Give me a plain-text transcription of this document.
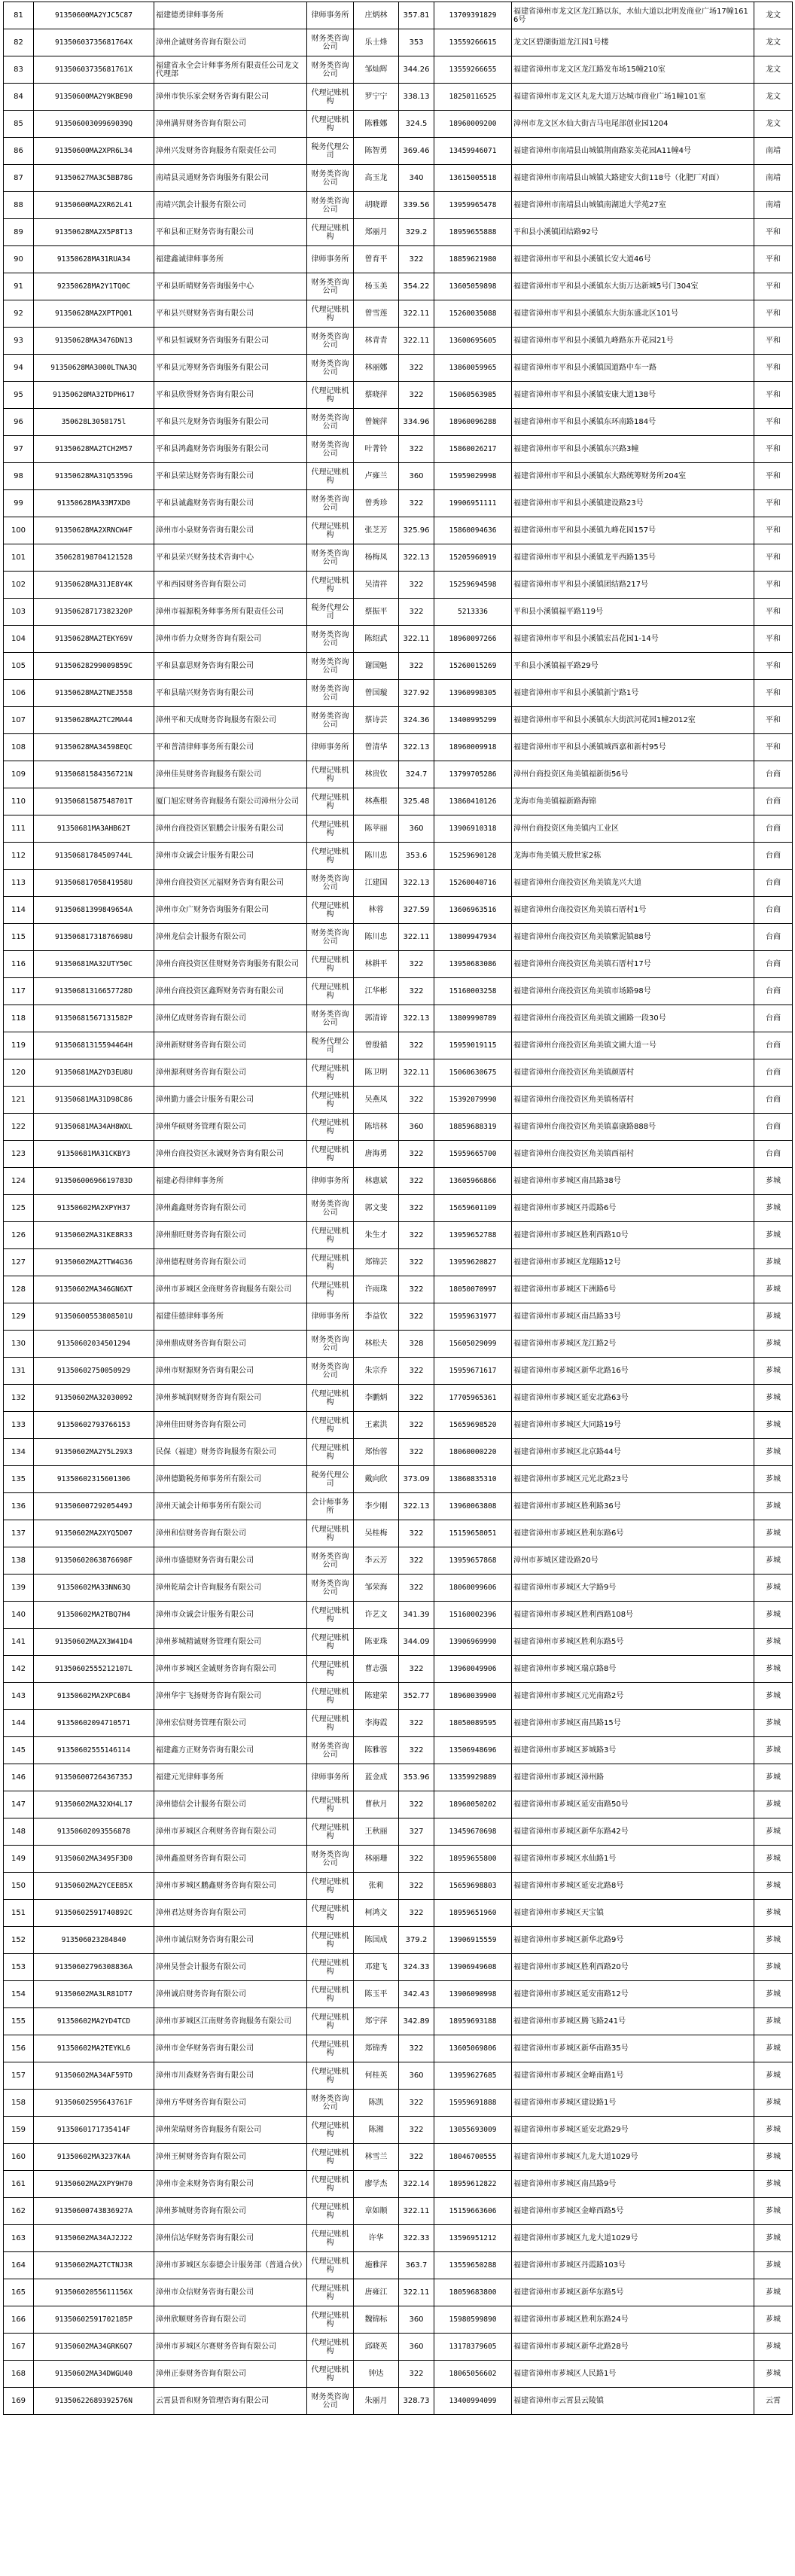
81	91350600MA2YJC5C87	福建德勇律师事务所	律师事务所	庄炳林	357.81	13709391829	福建省漳州市龙文区龙江路以东，水仙大道以北明发商业广场17幢1616号	龙文
82	91350603735681764X	漳州企诚财务咨询有限公司	财务类咨询公司	乐士烽	353	13559266615	龙文区碧湖街道龙江园1号楼	龙文
83	91350603735681761X	福建省永全会计师事务所有限责任公司龙文代理部	财务类咨询公司	邹灿辉	344.26	13559266655	福建省漳州市龙文区龙江路发布场15幢210室	龙文
84	91350600MA2Y9KBE90	漳州市快乐家会财务咨询有限公司	代理记账机构	罗宁宁	338.13	18250116525	福建省漳州市龙文区丸龙大道万达城市商业广场1幢101室	龙文
85	91350600309969039Q	漳州满昇财务咨询有限公司	代理记账机构	陈雅娜	324.5	18960009200	漳州市龙文区水仙大街吉马电尾部创业园1204	龙文
86	91350600MA2XPR6L34	漳州兴发财务咨询服务有限责任公司	税务代理公司	陈智勇	369.46	13459946071	福建省漳州市南靖县山城镇荆南路家美花园A11幢4号	南靖
87	91350627MA3C5BB78G	南靖县灵通财务咨询服务有限公司	财务类咨询公司	高玉龙	340	13615005518	福建省漳州市南靖县山城镇大路建安大街118号（化肥厂对面）	南靖
88	91350600MA2XR62L41	南靖兴凯会计服务有限公司	财务类咨询公司	胡晓谭	339.56	13959965478	福建省漳州市南靖县山城镇南湖道大学苑27室	南靖
89	91350628MA2X5P8T13	平和县和正财务咨询有限公司	代理记账机构	郑丽月	329.2	18959655888	平和县小溪镇团结路92号	平和
90	91350628MA31RUA34	福建鑫诚律师事务所	律师事务所	曾育平	322	18859621980	福建省漳州市平和县小溪镇长安大道46号	平和
91	92350628MA2Y1TQ0C	平和县昕晴财务咨询服务中心	财务类咨询公司	杨玉美	354.22	13605059898	福建省漳州市平和县小溪镇东大街万达新城5号门304室	平和
92	91350628MA2XPTPQ01	平和县兴财财务咨询有限公司	代理记账机构	曾雪莲	322.11	15260035088	福建省漳州市平和县小溪镇东大街东盛北区101号	平和
93	91350628MA3476DN13	平和县恒诚财务咨询服务有限公司	财务类咨询公司	林青青	322.11	13600695605	福建省漳州市平和县小溪镇九峰路东升花园21号	平和
94	91350628MA3000LTNA3Q	平和县元筹财务咨询服务有限公司	财务类咨询公司	林丽娜	322	13860059965	福建省漳州市平和县小溪镇国道路中车一路	平和
95	91350628MA32TDPH617	平和县欣誉财务咨询有限公司	代理记账机构	蔡晓萍	322	15060563985	福建省漳州市平和县小溪镇安康大道138号	平和
96	350628L3058175l	平和县兴龙财务咨询服务有限公司	财务类咨询公司	曾婉萍	334.96	18960096288	福建省漳州市平和县小溪镇东环南路184号	平和
97	91350628MA2TCH2M57	平和县鸿鑫财务咨询服务有限公司	财务类咨询公司	叶菁铃	322	15860026217	福建省漳州市平和县小溪镇东兴路3幢	平和
98	91350628MA31Q5359G	平和县荣达财务咨询有限公司	代理记账机构	卢雍兰	360	15959029998	福建省漳州市平和县小溪镇东大路统筹财务所204室	平和
99	91350628MA33M7XD0	平和县诚鑫财务咨询有限公司	财务类咨询公司	曾秀珍	322	19906951111	福建省漳州市平和县小溪镇建设路23号	平和
100	91350628MA2XRNCW4F	漳州市小泉财务咨询有限公司	代理记账机构	张芝芳	325.96	15860094636	福建省漳州市平和县小溪镇九峰花园157号	平和
101	350628198704121528	平和县荣兴财务技术咨询中心	财务类咨询公司	杨梅凤	322.13	15205960919	福建省漳州市平和县小溪镇龙平西路135号	平和
102	91350628MA31JE8Y4K	平和西园财务咨询有限公司	代理记账机构	吴清祥	322	15259694598	福建省漳州市平和县小溪镇团结路217号	平和
103	91350628717382320P	漳州市福源税务师事务所有限责任公司	税务代理公司	蔡振平	322	5213336	平和县小溪镇福平路119号	平和
104	91350628MA2TEKY69V	漳州市侨力众财务咨询有限公司	财务类咨询公司	陈绍武	322.11	18960097266	福建省漳州市平和县小溪镇宏昌花园1-14号	平和
105	91350628299009859C	平和县嘉思财务咨询有限公司	财务类咨询公司	谢国魁	322	15260015269	平和县小溪镇福平路29号	平和
106	91350628MA2TNEJ558	平和县瑞兴财务咨询有限公司	财务类咨询公司	曾国璇	327.92	13960998305	福建省漳州市平和县小溪镇新宁路1号	平和
107	91350628MA2TC2MA44	漳州平和天成财务咨询服务有限公司	财务类咨询公司	蔡诗芸	324.36	13400995299	福建省漳州市平和县小溪镇东大街滨河花园1幢2012室	平和
108	91350628MA34598EQC	平和普清律师事务所有限公司	律师事务所	曾清华	322.13	18960009918	福建省漳州市平和县小溪镇城西嘉和新村95号	平和
109	91350681584356721N	漳州佳昊财务咨询服务有限公司	代理记账机构	林贵钦	324.7	13799705286	漳州台商投资区角美镇福新街56号	台商
110	91350681587548701T	厦门旭宏财务咨询服务有限公司漳州分公司	代理记账机构	林燕根	325.48	13860410126	龙海市角美镇福新路海锦	台商
111	91350681MA3AHB62T	漳州台商投资区银鹏会计服务有限公司	代理记账机构	陈苹丽	360	13906910318	漳州台商投资区角美镇内工业区	台商
112	91350681784509744L	漳州市众诚会计服务有限公司	代理记账机构	陈川忠	353.6	15259690128	龙海市角美镇天殷世家2栋	台商
113	91350681705841958U	漳州台商投资区元福财务咨询有限公司	财务类咨询公司	江建国	322.13	15260040716	福建省漳州台商投资区角美镇龙兴大道	台商
114	91350681399849654A	漳州市众广财务咨询服务有限公司	代理记账机构	林蓉	327.59	13606963516	福建省漳州台商投资区角美镇石厝村1号	台商
115	91350681731876698U	漳州龙信会计服务有限公司	财务类咨询公司	陈川忠	322.11	13809947934	福建省漳州台商投资区角美镇紫泥镇88号	台商
116	91350681MA32UTY50C	漳州台商投资区佳财财务咨询服务有限公司	代理记账机构	林耕平	322	13950683086	福建省漳州台商投资区角美镇石厝村17号	台商
117	91350681316657728D	漳州台商投资区鑫辉财务咨询有限公司	代理记账机构	江华彬	322	15160003258	福建省漳州台商投资区角美镇市场路98号	台商
118	91350681567131582P	漳州亿成财务咨询有限公司	财务类咨询公司	郭清谛	322.13	13809990789	福建省漳州台商投资区角美镇文圃路一段30号	台商
119	91350681315594464H	漳州新财财务咨询有限公司	税务代理公司	曾殷循	322	15959019115	福建省漳州台商投资区角美镇文圃大道一号	台商
120	91350681MA2YD3EU8U	漳州源利财务咨询有限公司	代理记账机构	陈卫明	322.11	15060630675	福建省漳州台商投资区角美镇颜厝村	台商
121	91350681MA31D98C86	漳州勤力盛会计服务有限公司	代理记账机构	吴燕凤	322	15392079990	福建省漳州台商投资区角美镇杨厝村	台商
122	91350681MA34AH8WXL	漳州华硕财务管理有限公司	代理记账机构	陈培林	360	18859688319	福建省漳州台商投资区角美镇嘉康路888号	台商
123	91350681MA31CKBY3	漳州台商投资区永诚财务咨询有限公司	代理记账机构	唐海勇	322	15959665700	福建省漳州台商投资区角美镇西福村	台商
124	91350600696619783D	福建必得律师事务所	律师事务所	林惠斌	322	13605966866	福建省漳州市芗城区南昌路38号	芗城
125	91350602MA2XPYH37	漳州鑫鑫财务咨询有限公司	财务类咨询公司	郭文斐	322	15659601109	福建省漳州市芗城区丹霞路6号	芗城
126	91350602MA31KE8R33	漳州鼎旺财务咨询有限公司	代理记账机构	朱生才	322	13959652788	福建省漳州市芗城区胜利西路10号	芗城
127	91350602MA2TTW4G36	漳州德程财务咨询有限公司	代理记账机构	郑锦芸	322	13959620827	福建省漳州市芗城区龙翔路12号	芗城
128	91350602MA346GN6XT	漳州市芗城区金商财务咨询服务有限公司	代理记账机构	许雨珠	322	18050070997	福建省漳州市芗城区下洲路6号	芗城
129	91350600553808501U	福建佳德律师事务所	律师事务所	李益钦	322	15959631977	福建省漳州市芗城区南昌路33号	芗城
130	91350602034501294	漳州鼎成财务咨询有限公司	财务类咨询公司	林松夫	328	15605029099	福建省漳州市芗城区龙江路2号	芗城
131	91350602750050929	漳州市财源财务咨询有限公司	财务类咨询公司	朱宗乔	322	15959671617	福建省漳州市芗城区新华北路16号	芗城
132	91350602MA32030092	漳州芗城润财财务咨询有限公司	代理记账机构	李鹏炳	322	17705965361	福建省漳州市芗城区延安北路63号	芗城
133	91350602793766153	漳州佳田财务咨询有限公司	代理记账机构	王素洪	322	15659698520	福建省漳州市芗城区大同路19号	芗城
134	91350602MA2Y5L29X3	民保（福建）财务咨询服务有限公司	代理记账机构	郑怡蓉	322	18060000220	福建省漳州市芗城区北京路44号	芗城
135	91350602315601306	漳州德勤税务师事务所有限公司	税务代理公司	戴向欣	373.09	13860835310	福建省漳州市芗城区元光北路23号	芗城
136	91350600729205449J	漳州天诚会计师事务所有限公司	会计师事务所	李少刚	322.13	13960063808	福建省漳州市芗城区胜利路36号	芗城
137	91350602MA2XYQ5D07	漳州和信财务咨询有限公司	代理记账机构	吴桂梅	322	15159658051	福建省漳州市芗城区胜利东路6号	芗城
138	91350602063876698F	漳州市盛德财务咨询有限公司	财务类咨询公司	李云芳	322	13959657868	漳州市芗城区建设路20号	芗城
139	91350602MA33NN63Q	漳州乾瑞会计咨询服务有限公司	财务类咨询公司	邹荣海	322	18060099606	福建省漳州市芗城区大学路9号	芗城
140	91350602MA2TBQ7H4	漳州市众诚会计服务有限公司	代理记账机构	许艺文	341.39	15160002396	福建省漳州市芗城区胜利西路108号	芗城
141	91350602MA2X3W41D4	漳州芗城精诚财务管理有限公司	代理记账机构	陈亚珠	344.09	13906969990	福建省漳州市芗城区胜利东路5号	芗城
142	91350602555212107L	漳州市芗城区金诚财务咨询有限公司	代理记账机构	曹志强	322	13960049906	福建省漳州市芗城区瑞京路8号	芗城
143	91350602MA2XPC6B4	漳州华宇飞扬财务咨询有限公司	代理记账机构	陈建荣	352.77	18960039900	福建省漳州市芗城区元光南路2号	芗城
144	91350602094710571	漳州宏信财务管理有限公司	代理记账机构	李海霞	322	18050089595	福建省漳州市芗城区南昌路15号	芗城
145	91350602555146114	福建鑫方正财务咨询有限公司	财务类咨询公司	陈雅蓉	322	13506948696	福建省漳州市芗城区芗城路3号	芗城
146	91350600726436735J	福建元光律师事务所	律师事务所	蓝金成	353.96	13359929889	福建省漳州市芗城区漳州路	芗城
147	91350602MA32XH4L17	漳州德信会计服务有限公司	代理记账机构	曹秋月	322	18960050202	福建省漳州市芗城区延安南路50号	芗城
148	91350602093556878	漳州市芗城区合利财务咨询有限公司	代理记账机构	王秋丽	327	13459670698	福建省漳州市芗城区新华东路42号	芗城
149	91350602MA3495F3D0	漳州鑫盈财务咨询有限公司	财务类咨询公司	林丽珊	322	18959655800	福建省漳州市芗城区水仙路1号	芗城
150	91350602MA2YCEE85X	漳州市芗城区鹏鑫财务咨询有限公司	代理记账机构	张莉	322	15659698803	福建省漳州市芗城区延安北路8号	芗城
151	91350602591740892C	漳州君达财务咨询有限公司	代理记账机构	柯鸿文	322	18959651960	福建省漳州市芗城区天宝镇	芗城
152	913506023284840	漳州市诚信财务咨询有限公司	代理记账机构	陈国成	379.2	13906915559	福建省漳州市芗城区新华北路9号	芗城
153	91350602796308836A	漳州昊誉会计服务有限公司	代理记账机构	邓建飞	324.33	13906949608	福建省漳州市芗城区胜利西路20号	芗城
154	91350602MA3LR81DT7	漳州诚启财务咨询有限公司	代理记账机构	陈玉平	342.43	13906090998	福建省漳州市芗城区延安南路12号	芗城
155	91350602MA2YD4TCD	漳州市芗城区江南财务咨询服务有限公司	代理记账机构	郑宇萍	342.89	18959693188	福建省漳州市芗城区腾飞路241号	芗城
156	91350602MA2TEYKL6	漳州市金华财务咨询有限公司	代理记账机构	郑锦秀	322	13605069806	福建省漳州市芗城区新华南路35号	芗城
157	91350602MA34AF59TD	漳州市川森财务咨询有限公司	代理记账机构	何桂英	360	13959627685	福建省漳州市芗城区金峰南路1号	芗城
158	91350602595643761F	漳州方华财务咨询有限公司	财务类咨询公司	陈凯	322	15959691888	福建省漳州市芗城区建设路1号	芗城
159	9135060171735414F	漳州荣瑞财务咨询服务有限公司	代理记账机构	陈湘	322	13055693009	福建省漳州市芗城区延安北路29号	芗城
160	91350602MA3237K4A	漳州王树财务咨询有限公司	代理记账机构	林雪兰	322	18046700555	福建省漳州市芗城区九龙大道1029号	芗城
161	91350602MA2XPY9H70	漳州市金来财务咨询有限公司	代理记账机构	廖学杰	322.14	18959612822	福建省漳州市芗城区南昌路9号	芗城
162	91350600743836927A	漳州芗城财务咨询有限公司	代理记账机构	章如顺	322.11	15159663606	福建省漳州市芗城区金峰西路5号	芗城
163	91350602MA34AJ2J22	漳州信达华财务咨询有限公司	代理记账机构	许华	322.33	13596951212	福建省漳州市芗城区九龙大道1029号	芗城
164	91350602MA2TCTNJ3R	漳州市芗城区东泰德会计服务部（普通合伙）	代理记账机构	施雅萍	363.7	13559650288	福建省漳州市芗城区丹霞路103号	芗城
165	91350602055611156X	漳州市众信财务咨询有限公司	代理记账机构	唐雍江	322.11	18059683800	福建省漳州市芗城区新华东路5号	芗城
166	91350602591702185P	漳州欣顺财务咨询有限公司	代理记账机构	魏锦标	360	15980599890	福建省漳州市芗城区胜利东路24号	芗城
167	91350602MA34GRK6Q7	漳州市芗城区尔赛财务咨询有限公司	代理记账机构	邱晓英	360	13178379605	福建省漳州市芗城区新华北路28号	芗城
168	91350602MA34DWGU40	漳州正泰财务咨询有限公司	代理记账机构	钟达	322	18065056602	福建省漳州市芗城区人民路1号	芗城
169	91350622689392576N	云霄县晋和财务管理咨询有限公司	财务类咨询公司	朱丽月	328.73	13400994099	福建省漳州市云霄县云陵镇	云霄
